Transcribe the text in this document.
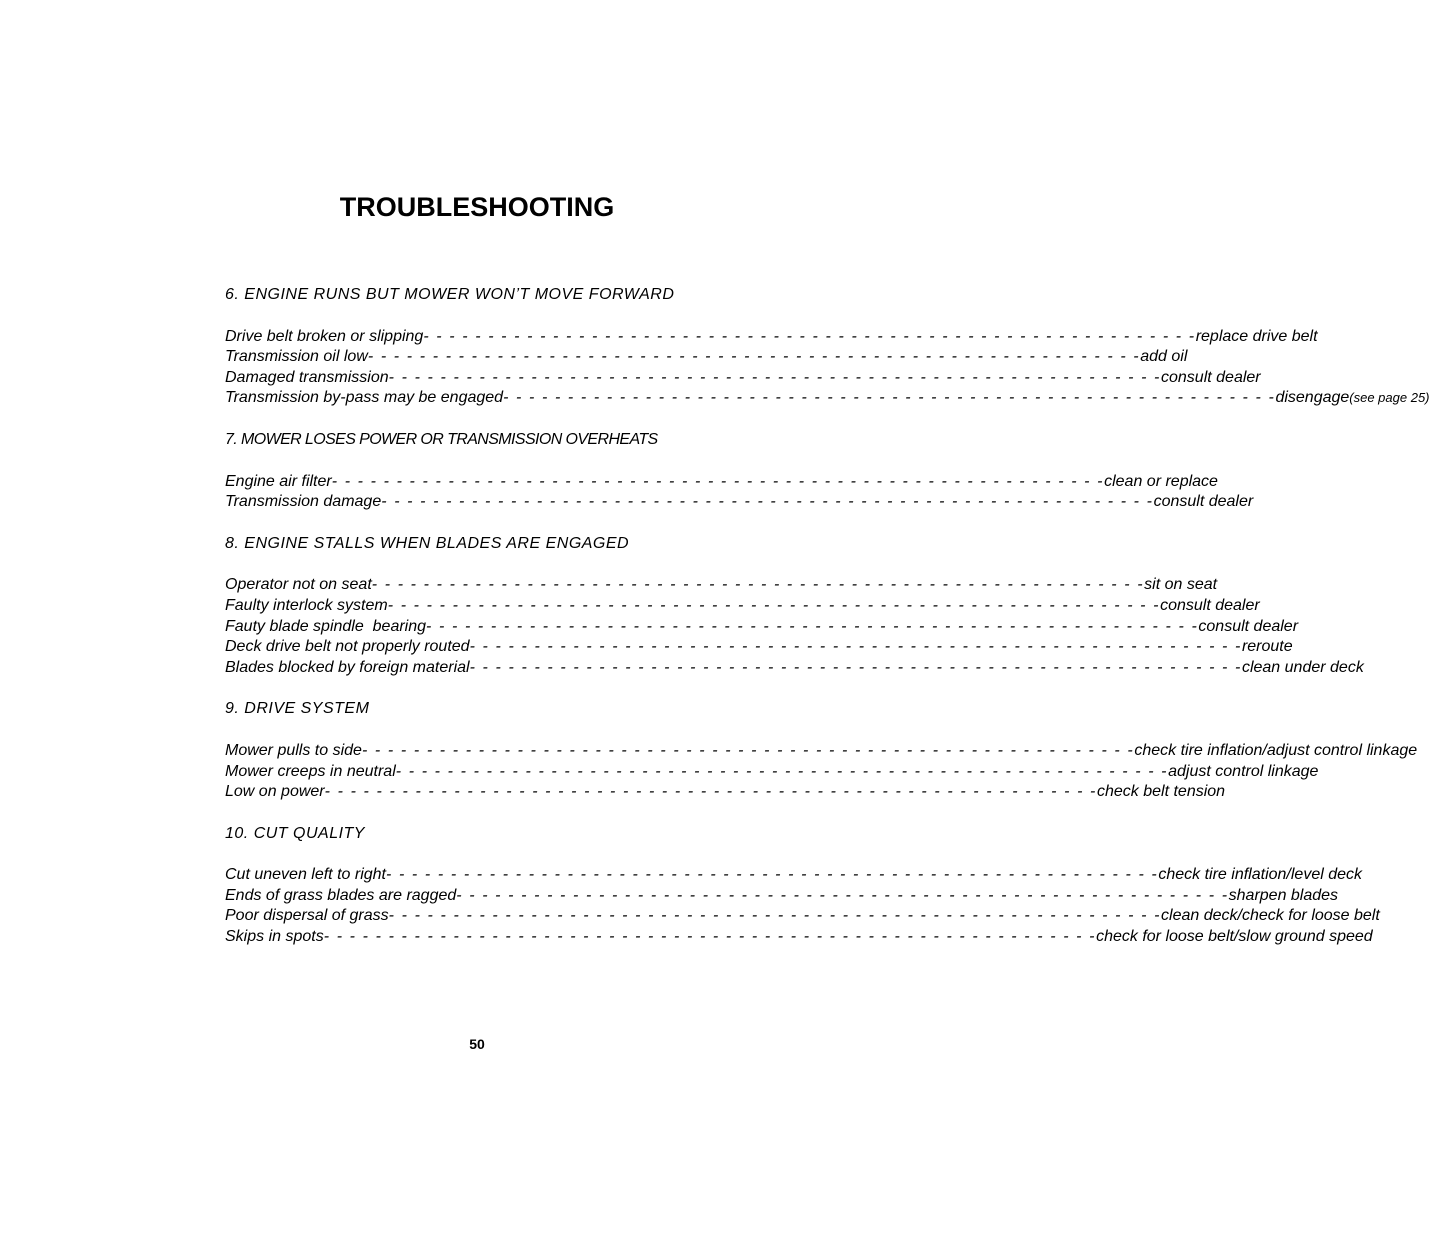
TROUBLESHOOTING
6. ENGINE RUNS BUT MOWER WON’T MOVE FORWARD
Drive belt broken or slipping - - - - - - - - - - - - - - - - - - - - - - - - - - - - - - - - - - - - - - - - - - - - - - - - - - - - - - - - - - - - replace drive belt
Transmission oil low - - - - - - - - - - - - - - - - - - - - - - - - - - - - - - - - - - - - - - - - - - - - - - - - - - - - - - - - - - - - add oil
Damaged transmission - - - - - - - - - - - - - - - - - - - - - - - - - - - - - - - - - - - - - - - - - - - - - - - - - - - - - - - - - - - - consult dealer
Transmission by-pass may be engaged - - - - - - - - - - - - - - - - - - - - - - - - - - - - - - - - - - - - - - - - - - - - - - - - - - - - - - - - - - - - disengage(see page 25)
7. MOWER LOSES POWER OR TRANSMISSION OVERHEATS
Engine air filter - - - - - - - - - - - - - - - - - - - - - - - - - - - - - - - - - - - - - - - - - - - - - - - - - - - - - - - - - - - - clean or replace
Transmission damage - - - - - - - - - - - - - - - - - - - - - - - - - - - - - - - - - - - - - - - - - - - - - - - - - - - - - - - - - - - - consult dealer
8. ENGINE STALLS WHEN BLADES ARE ENGAGED
Operator not on seat - - - - - - - - - - - - - - - - - - - - - - - - - - - - - - - - - - - - - - - - - - - - - - - - - - - - - - - - - - - - sit on seat
Faulty interlock system - - - - - - - - - - - - - - - - - - - - - - - - - - - - - - - - - - - - - - - - - - - - - - - - - - - - - - - - - - - - consult dealer
Fauty blade spindle  bearing - - - - - - - - - - - - - - - - - - - - - - - - - - - - - - - - - - - - - - - - - - - - - - - - - - - - - - - - - - - - consult dealer
Deck drive belt not properly routed - - - - - - - - - - - - - - - - - - - - - - - - - - - - - - - - - - - - - - - - - - - - - - - - - - - - - - - - - - - - reroute
Blades blocked by foreign material - - - - - - - - - - - - - - - - - - - - - - - - - - - - - - - - - - - - - - - - - - - - - - - - - - - - - - - - - - - - clean under deck
9. DRIVE SYSTEM
Mower pulls to side - - - - - - - - - - - - - - - - - - - - - - - - - - - - - - - - - - - - - - - - - - - - - - - - - - - - - - - - - - - - check tire inflation/adjust control linkage
Mower creeps in neutral - - - - - - - - - - - - - - - - - - - - - - - - - - - - - - - - - - - - - - - - - - - - - - - - - - - - - - - - - - - - adjust control linkage
Low on power - - - - - - - - - - - - - - - - - - - - - - - - - - - - - - - - - - - - - - - - - - - - - - - - - - - - - - - - - - - - check belt tension
10. CUT QUALITY
Cut uneven left to right - - - - - - - - - - - - - - - - - - - - - - - - - - - - - - - - - - - - - - - - - - - - - - - - - - - - - - - - - - - - check tire inflation/level deck
Ends of grass blades are ragged - - - - - - - - - - - - - - - - - - - - - - - - - - - - - - - - - - - - - - - - - - - - - - - - - - - - - - - - - - - - sharpen blades
Poor dispersal of grass - - - - - - - - - - - - - - - - - - - - - - - - - - - - - - - - - - - - - - - - - - - - - - - - - - - - - - - - - - - - clean deck/check for loose belt
Skips in spots - - - - - - - - - - - - - - - - - - - - - - - - - - - - - - - - - - - - - - - - - - - - - - - - - - - - - - - - - - - - check for loose belt/slow ground speed
50
